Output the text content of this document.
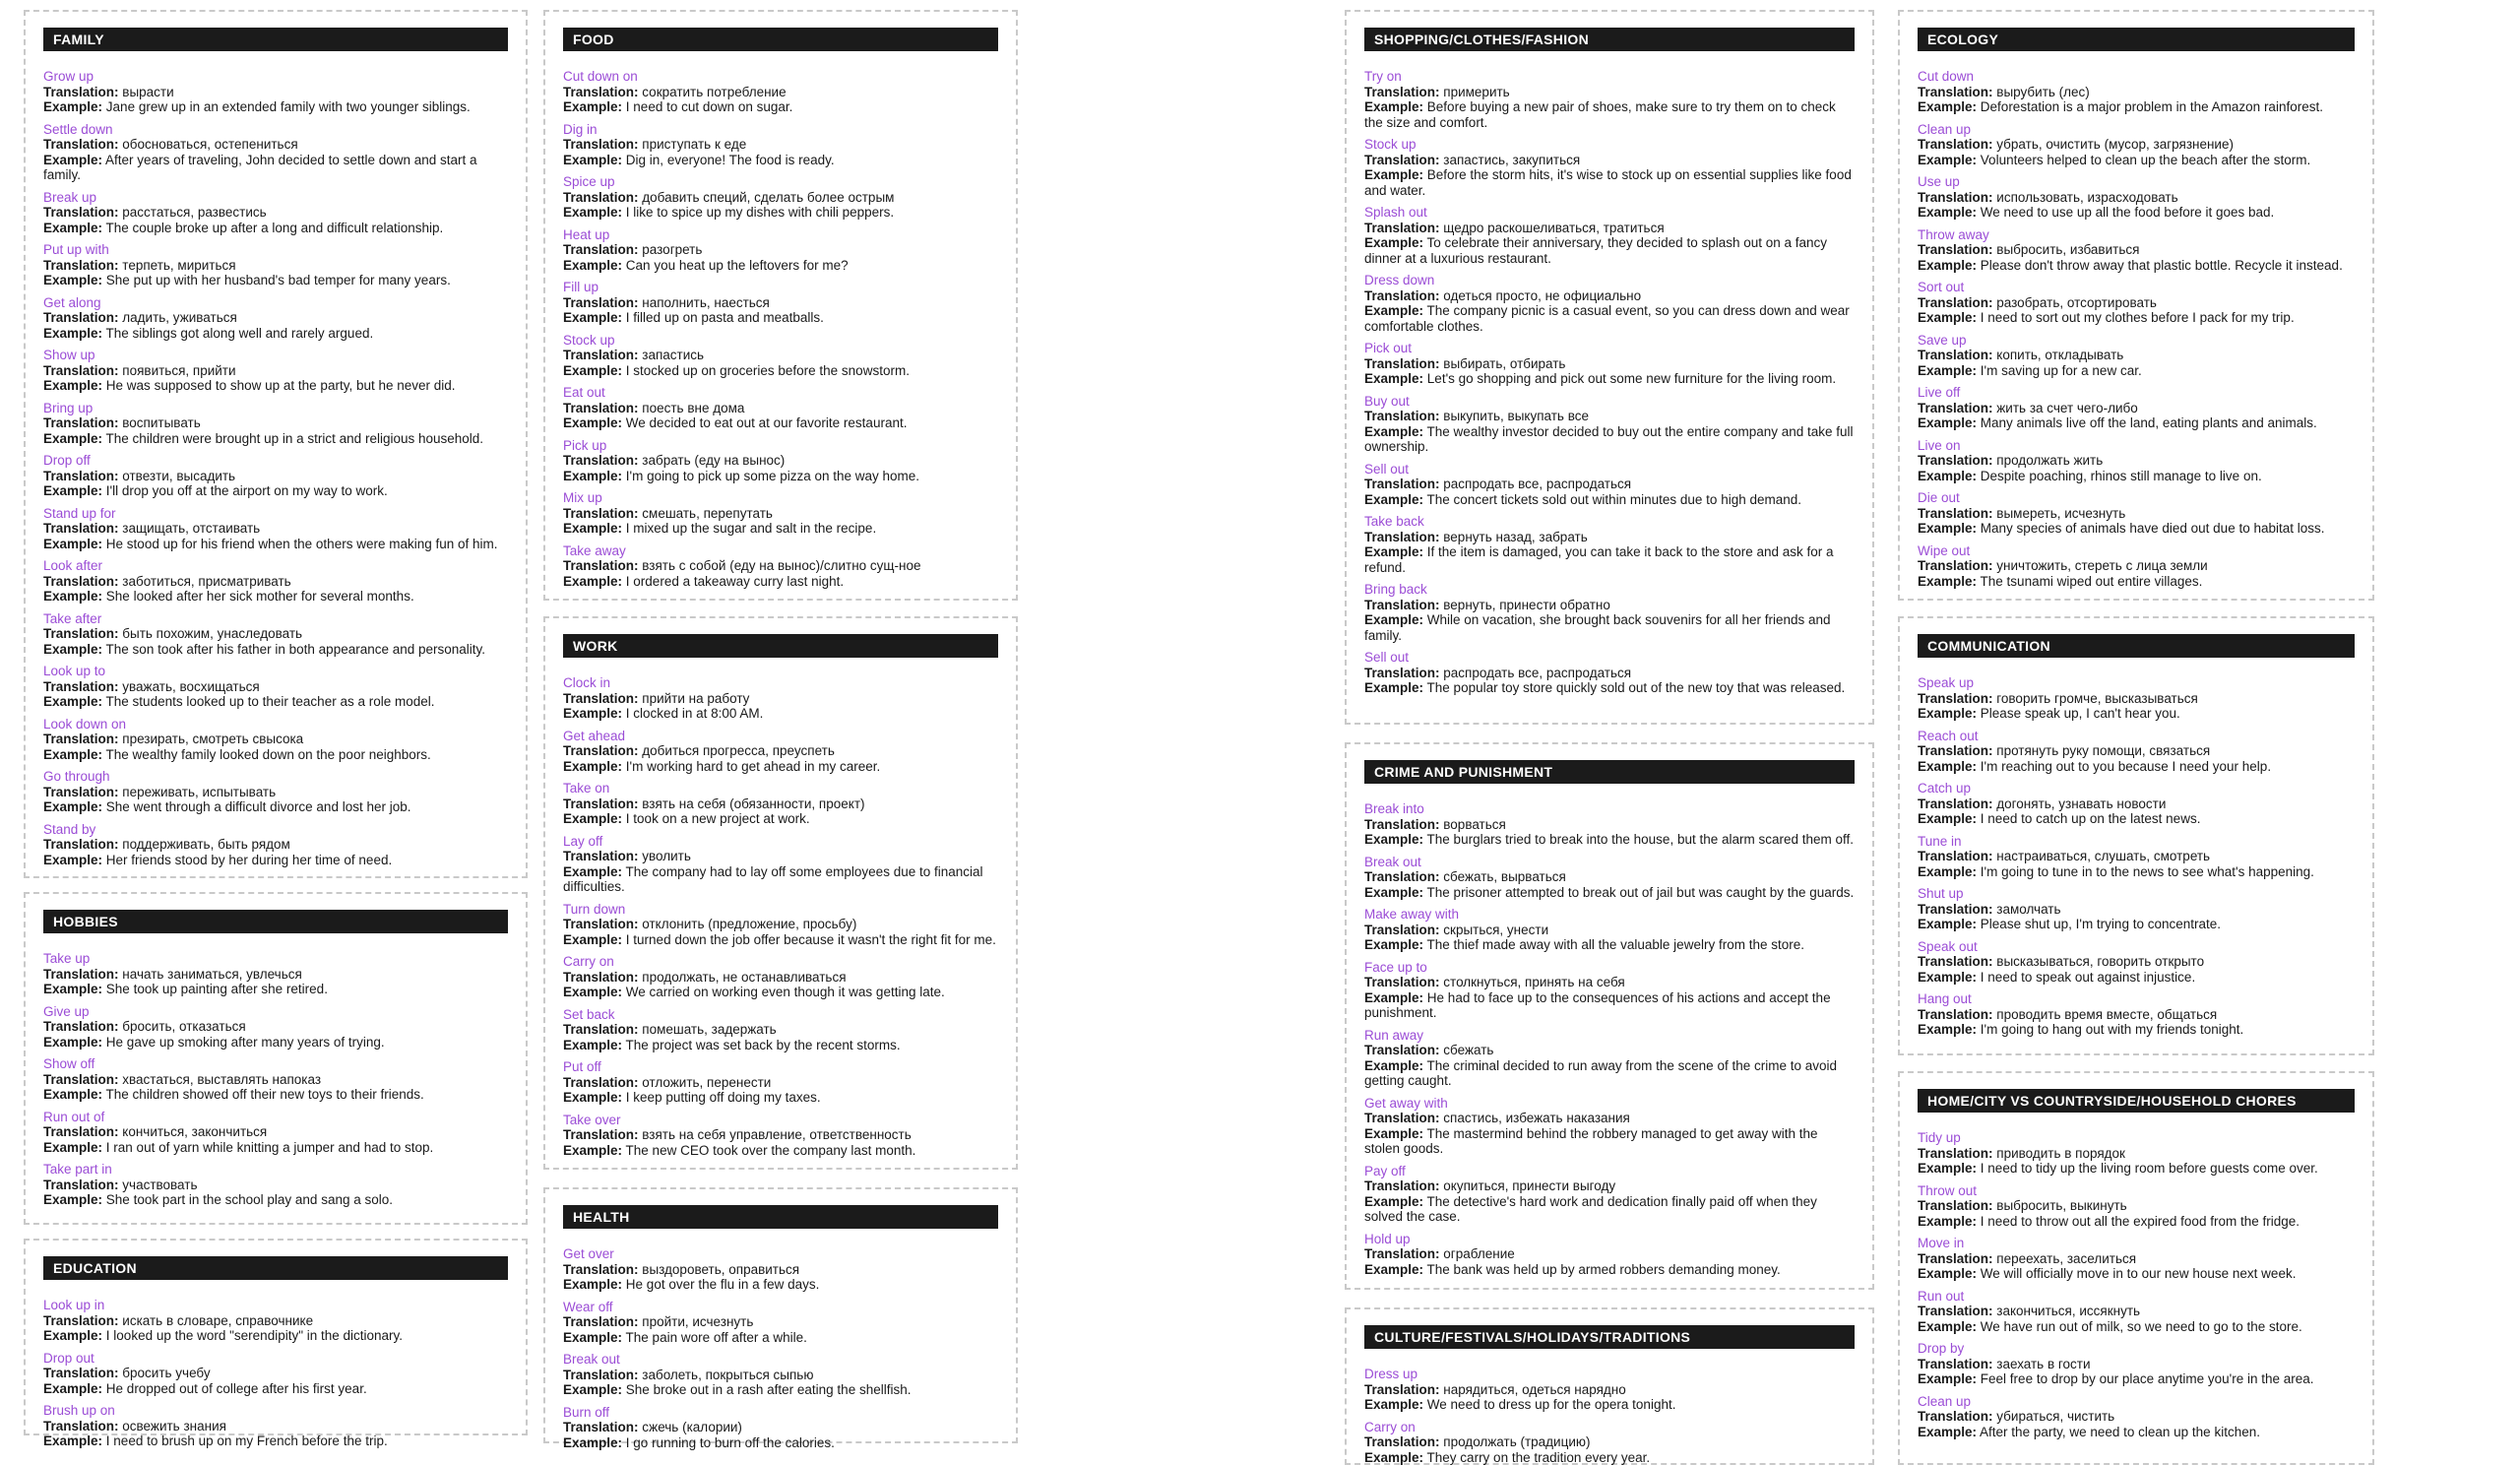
FAMILY
Grow up
Translation: вырасти
Example: Jane grew up in an extended family with two younger siblings.
Settle down
Translation: обосноваться, остепениться
Example: After years of traveling, John decided to settle down and start a family.
Break up
Translation: расстаться, развестись
Example: The couple broke up after a long and difficult relationship.
Put up with
Translation: терпеть, мириться
Example: She put up with her husband's bad temper for many years.
Get along
Translation: ладить, уживаться
Example: The siblings got along well and rarely argued.
Show up
Translation: появиться, прийти
Example: He was supposed to show up at the party, but he never did.
Bring up
Translation: воспитывать
Example: The children were brought up in a strict and religious household.
Drop off
Translation: отвезти, высадить
Example: I'll drop you off at the airport on my way to work.
Stand up for
Translation: защищать, отстаивать
Example: He stood up for his friend when the others were making fun of him.
Look after
Translation: заботиться, присматривать
Example: She looked after her sick mother for several months.
Take after
Translation: быть похожим, унаследовать
Example: The son took after his father in both appearance and personality.
Look up to
Translation: уважать, восхищаться
Example: The students looked up to their teacher as a role model.
Look down on
Translation: презирать, смотреть свысока
Example: The wealthy family looked down on the poor neighbors.
Go through
Translation: переживать, испытывать
Example: She went through a difficult divorce and lost her job.
Stand by
Translation: поддерживать, быть рядом
Example: Her friends stood by her during her time of need.
HOBBIES
Take up
Translation: начать заниматься, увлечься
Example: She took up painting after she retired.
Give up
Translation: бросить, отказаться
Example: He gave up smoking after many years of trying.
Show off
Translation: хвастаться, выставлять напоказ
Example: The children showed off their new toys to their friends.
Run out of
Translation: кончиться, закончиться
Example: I ran out of yarn while knitting a jumper and had to stop.
Take part in
Translation: участвовать
Example: She took part in the school play and sang a solo.
EDUCATION
Look up in
Translation: искать в словаре, справочнике
Example: I looked up the word "serendipity" in the dictionary.
Drop out
Translation: бросить учебу
Example: He dropped out of college after his first year.
Brush up on
Translation: освежить знания
Example: I need to brush up on my French before the trip.
FOOD
Cut down on
Translation: сократить потребление
Example: I need to cut down on sugar.
Dig in
Translation: приступать к еде
Example: Dig in, everyone! The food is ready.
Spice up
Translation: добавить специй, сделать более острым
Example: I like to spice up my dishes with chili peppers.
Heat up
Translation: разогреть
Example: Can you heat up the leftovers for me?
Fill up
Translation: наполнить, наесться
Example: I filled up on pasta and meatballs.
Stock up
Translation: запастись
Example: I stocked up on groceries before the snowstorm.
Eat out
Translation: поесть вне дома
Example: We decided to eat out at our favorite restaurant.
Pick up
Translation: забрать (еду на вынос)
Example: I'm going to pick up some pizza on the way home.
Mix up
Translation: смешать, перепутать
Example: I mixed up the sugar and salt in the recipe.
Take away
Translation: взять с собой (еду на вынос)/слитно сущ-ное
Example: I ordered a takeaway curry last night.
WORK
Clock in
Translation: прийти на работу
Example: I clocked in at 8:00 AM.
Get ahead
Translation: добиться прогресса, преуспеть
Example: I'm working hard to get ahead in my career.
Take on
Translation: взять на себя (обязанности, проект)
Example: I took on a new project at work.
Lay off
Translation: уволить
Example: The company had to lay off some employees due to financial difficulties.
Turn down
Translation: отклонить (предложение, просьбу)
Example: I turned down the job offer because it wasn't the right fit for me.
Carry on
Translation: продолжать, не останавливаться
Example: We carried on working even though it was getting late.
Set back
Translation: помешать, задержать
Example: The project was set back by the recent storms.
Put off
Translation: отложить, перенести
Example: I keep putting off doing my taxes.
Take over
Translation: взять на себя управление, ответственность
Example: The new CEO took over the company last month.
HEALTH
Get over
Translation: выздороветь, оправиться
Example: He got over the flu in a few days.
Wear off
Translation: пройти, исчезнуть
Example: The pain wore off after a while.
Break out
Translation: заболеть, покрыться сыпью
Example: She broke out in a rash after eating the shellfish.
Burn off
Translation: сжечь (калории)
Example: I go running to burn off the calories.
SHOPPING/CLOTHES/FASHION
Try on
Translation: примерить
Example: Before buying a new pair of shoes, make sure to try them on to check the size and comfort.
Stock up
Translation: запастись, закупиться
Example: Before the storm hits, it's wise to stock up on essential supplies like food and water.
Splash out
Translation: щедро раскошеливаться, тратиться
Example: To celebrate their anniversary, they decided to splash out on a fancy dinner at a luxurious restaurant.
Dress down
Translation: одеться просто, не официально
Example: The company picnic is a casual event, so you can dress down and wear comfortable clothes.
Pick out
Translation: выбирать, отбирать
Example: Let's go shopping and pick out some new furniture for the living room.
Buy out
Translation: выкупить, выкупать все
Example: The wealthy investor decided to buy out the entire company and take full ownership.
Sell out
Translation: распродать все, распродаться
Example: The concert tickets sold out within minutes due to high demand.
Take back
Translation: вернуть назад, забрать
Example: If the item is damaged, you can take it back to the store and ask for a refund.
Bring back
Translation: вернуть, принести обратно
Example: While on vacation, she brought back souvenirs for all her friends and family.
Sell out
Translation: распродать все, распродаться
Example: The popular toy store quickly sold out of the new toy that was released.
CRIME AND PUNISHMENT
Break into
Translation: ворваться
Example: The burglars tried to break into the house, but the alarm scared them off.
Break out
Translation: сбежать, вырваться
Example: The prisoner attempted to break out of jail but was caught by the guards.
Make away with
Translation: скрыться, унести
Example: The thief made away with all the valuable jewelry from the store.
Face up to
Translation: столкнуться, принять на себя
Example: He had to face up to the consequences of his actions and accept the punishment.
Run away
Translation: сбежать
Example: The criminal decided to run away from the scene of the crime to avoid getting caught.
Get away with
Translation: спастись, избежать наказания
Example: The mastermind behind the robbery managed to get away with the stolen goods.
Pay off
Translation: окупиться, принести выгоду
Example: The detective's hard work and dedication finally paid off when they solved the case.
Hold up
Translation: ограбление
Example: The bank was held up by armed robbers demanding money.
CULTURE/FESTIVALS/HOLIDAYS/TRADITIONS
Dress up
Translation: нарядиться, одеться нарядно
Example: We need to dress up for the opera tonight.
Carry on
Translation: продолжать (традицию)
Example: They carry on the tradition every year.
ECOLOGY
Cut down
Translation: вырубить (лес)
Example: Deforestation is a major problem in the Amazon rainforest.
Clean up
Translation: убрать, очистить (мусор, загрязнение)
Example: Volunteers helped to clean up the beach after the storm.
Use up
Translation: использовать, израсходовать
Example: We need to use up all the food before it goes bad.
Throw away
Translation: выбросить, избавиться
Example: Please don't throw away that plastic bottle. Recycle it instead.
Sort out
Translation: разобрать, отсортировать
Example: I need to sort out my clothes before I pack for my trip.
Save up
Translation: копить, откладывать
Example: I'm saving up for a new car.
Live off
Translation: жить за счет чего-либо
Example: Many animals live off the land, eating plants and animals.
Live on
Translation: продолжать жить
Example: Despite poaching, rhinos still manage to live on.
Die out
Translation: вымереть, исчезнуть
Example: Many species of animals have died out due to habitat loss.
Wipe out
Translation: уничтожить, стереть с лица земли
Example: The tsunami wiped out entire villages.
COMMUNICATION
Speak up
Translation: говорить громче, высказываться
Example: Please speak up, I can't hear you.
Reach out
Translation: протянуть руку помощи, связаться
Example: I'm reaching out to you because I need your help.
Catch up
Translation: догонять, узнавать новости
Example: I need to catch up on the latest news.
Tune in
Translation: настраиваться, слушать, смотреть
Example: I'm going to tune in to the news to see what's happening.
Shut up
Translation: замолчать
Example: Please shut up, I'm trying to concentrate.
Speak out
Translation: высказываться, говорить открыто
Example: I need to speak out against injustice.
Hang out
Translation: проводить время вместе, общаться
Example: I'm going to hang out with my friends tonight.
HOME/CITY VS COUNTRYSIDE/HOUSEHOLD CHORES
Tidy up
Translation: приводить в порядок
Example: I need to tidy up the living room before guests come over.
Throw out
Translation: выбросить, выкинуть
Example: I need to throw out all the expired food from the fridge.
Move in
Translation: переехать, заселиться
Example: We will officially move in to our new house next week.
Run out
Translation: закончиться, иссякнуть
Example: We have run out of milk, so we need to go to the store.
Drop by
Translation: заехать в гости
Example: Feel free to drop by our place anytime you're in the area.
Clean up
Translation: убираться, чистить
Example: After the party, we need to clean up the kitchen.
